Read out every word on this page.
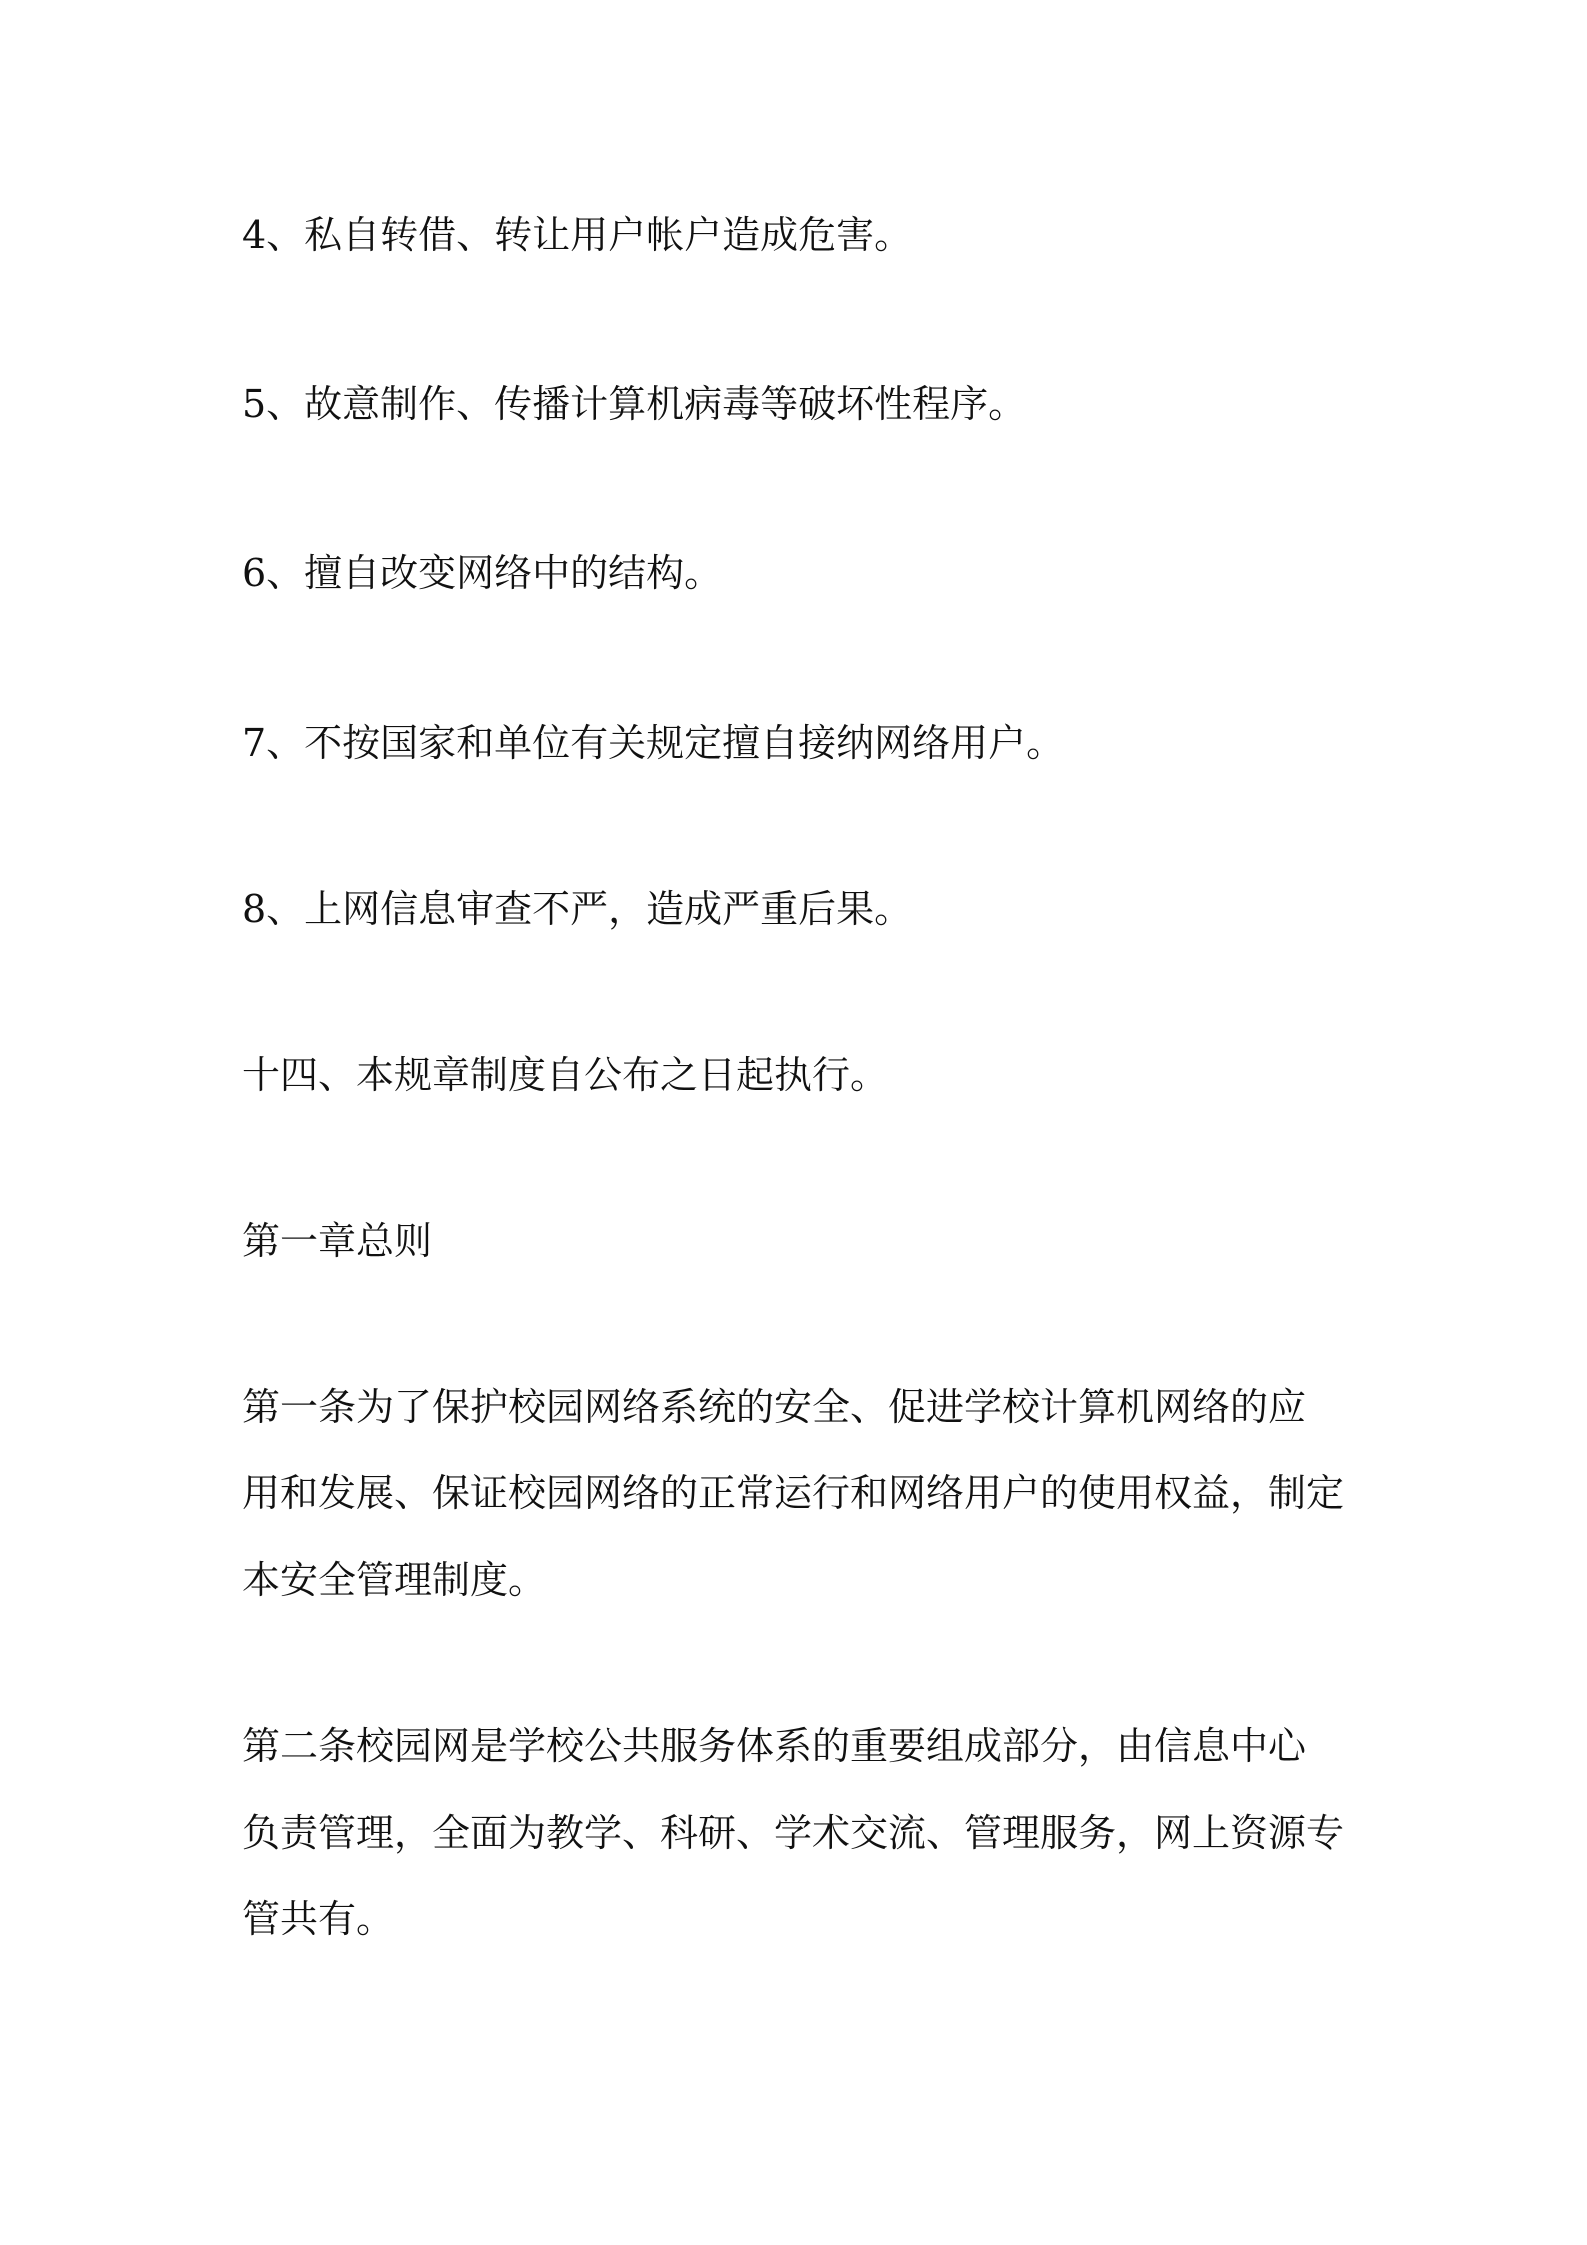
4、私自转借、转让用户帐户造成危害。
5、故意制作、传播计算机病毒等破坏性程序。
6、擅自改变网络中的结构。
7、不按国家和单位有关规定擅自接纳网络用户。
8、上网信息审查不严，造成严重后果。
十四、本规章制度自公布之日起执行。
第一章总则
第一条为了保护校园网络系统的安全、促进学校计算机网络的应
用和发展、保证校园网络的正常运行和网络用户的使用权益，制定
本安全管理制度。
第二条校园网是学校公共服务体系的重要组成部分，由信息中心
负责管理，全面为教学、科研、学术交流、管理服务，网上资源专
管共有。
